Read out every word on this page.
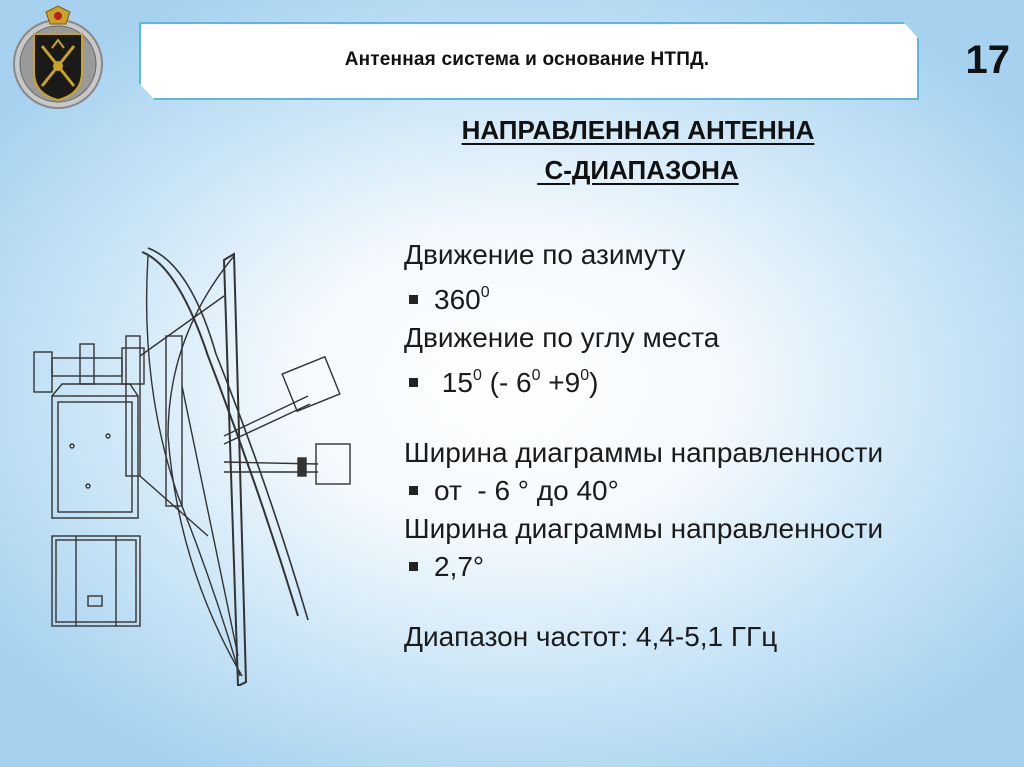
Антенная система и основание НТПД.	17
НАПРАВЛЕННАЯ АНТЕННА
С-ДИАПАЗОНА
Движение по азимуту
$360^0$
Движение по углу места
$15^0$ (- $6^0 +9^0$)
Ширина диаграммы направленности
от  - 6 ° до 40°
Ширина диаграммы направленности
2,7°
Диапазон частот: 4,4-5,1 ГГц
